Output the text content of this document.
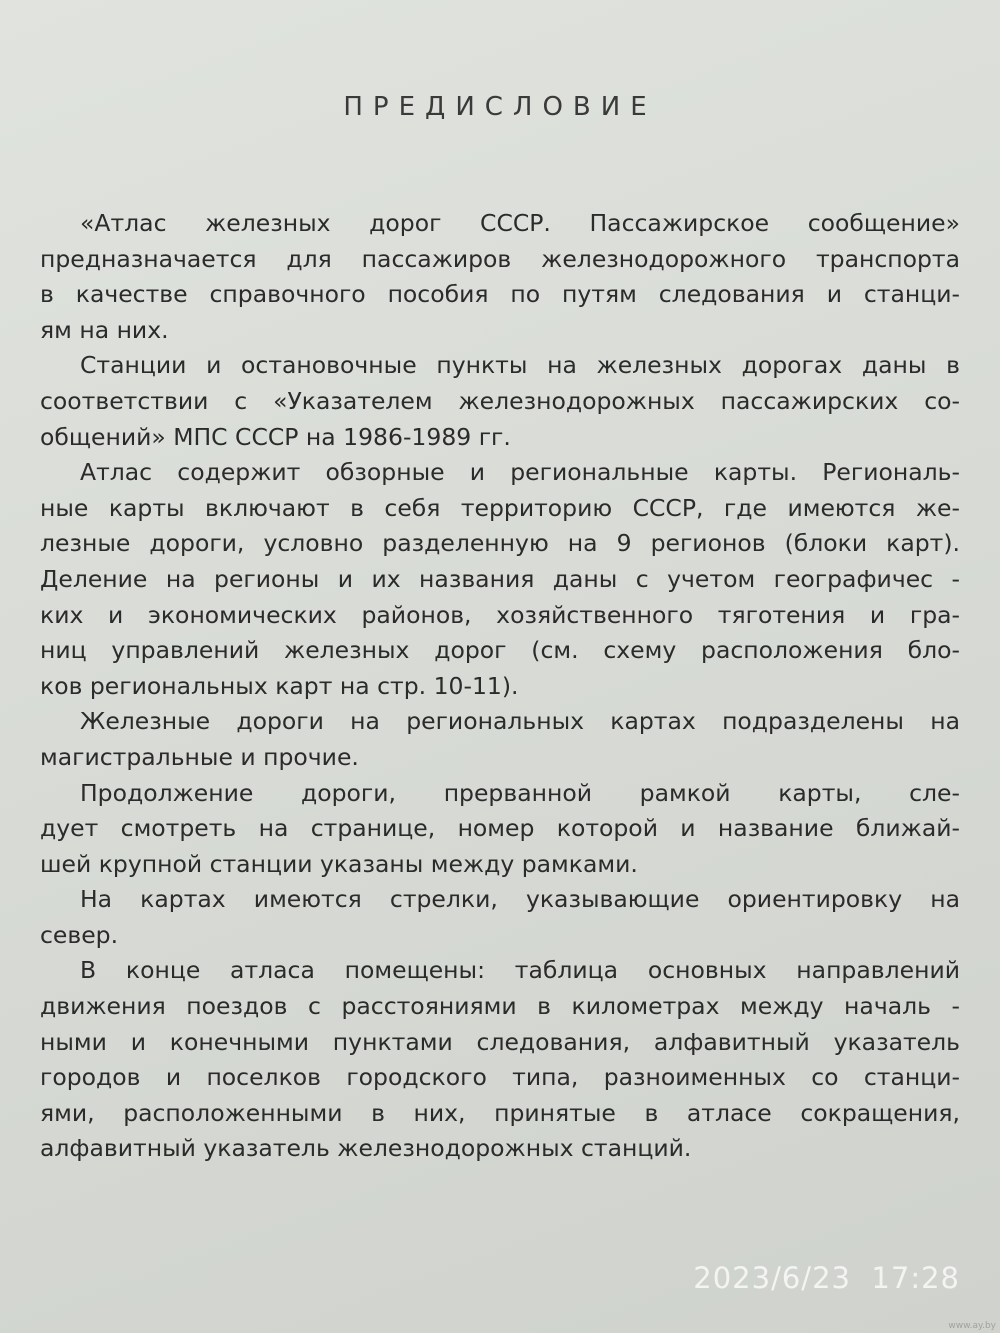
ПРЕДИСЛОВИЕ
«Атлас железных дорог СССР. Пассажирское сообщение»
предназначается для пассажиров железнодорожного транспорта
в качестве справочного пособия по путям следования и станци-
ям на них.
Станции и остановочные пункты на железных дорогах даны в
соответствии с «Указателем железнодорожных пассажирских со-
общений» МПС СССР на 1986-1989 гг.
Атлас содержит обзорные и региональные карты. Региональ-
ные карты включают в себя территорию СССР, где имеются же-
лезные дороги, условно разделенную на 9 регионов (блоки карт).
Деление на регионы и их названия даны с учетом географичес -
ких и экономических районов, хозяйственного тяготения и гра-
ниц управлений железных дорог (см. схему расположения бло-
ков региональных карт на стр. 10-11).
Железные дороги на региональных картах подразделены на
магистральные и прочие.
Продолжение дороги, прерванной рамкой карты, сле-
дует смотреть на странице, номер которой и название ближай-
шей крупной станции указаны между рамками.
На картах имеются стрелки, указывающие ориентировку на
север.
В конце атласа помещены: таблица основных направлений
движения поездов с расстояниями в километрах между началь -
ными и конечными пунктами следования, алфавитный указатель
городов и поселков городского типа, разноименных со станци-
ями, расположенными в них, принятые в атласе сокращения,
алфавитный указатель железнодорожных станций.
2023/6/23  17:28
www.ay.by
